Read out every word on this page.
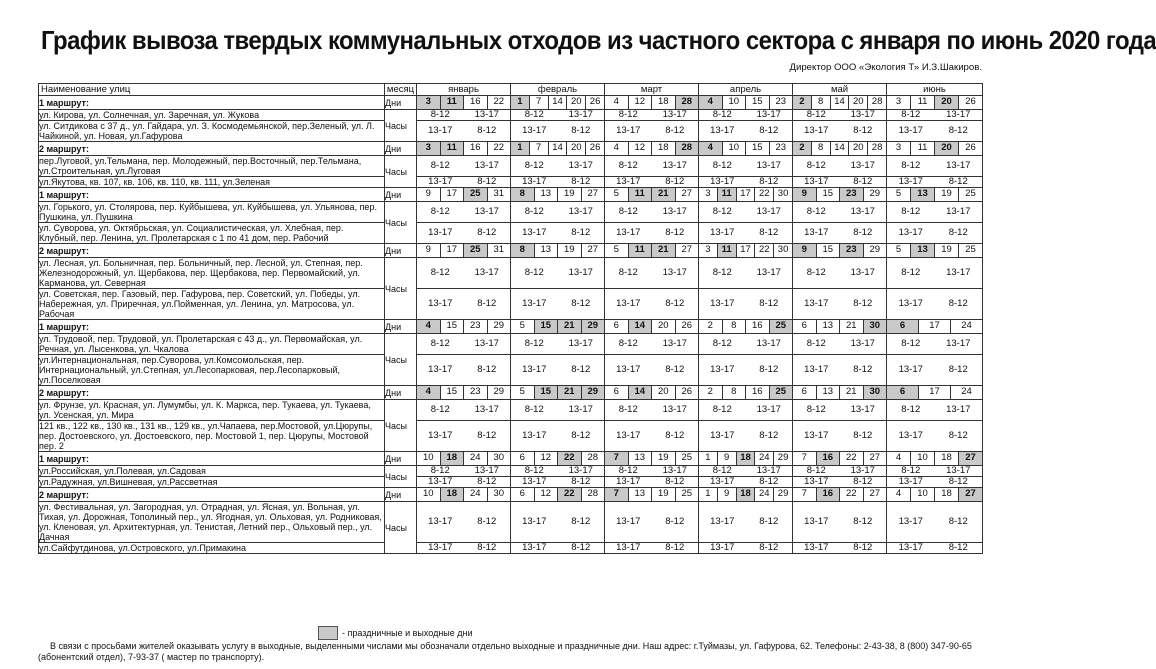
График вывоза твердых коммунальных отходов из частного сектора с января по июнь 2020 года
Директор ООО «Экология Т» И.З.Шакиров.
Наименование улиц	месяц	январь	февраль	март	апрель	май	июнь
1 маршрут:	Дни	3 11 16 22	1 7 14 20 26	4 12 18 28	4 10 15 23	2 8 14 20 28	3 11 20 26

ул. Кирова, ул. Солнечная, ул. Заречная, ул. Жукова	Часы	8-12 13-17	8-12 13-17	8-12 13-17	8-12 13-17	8-12 13-17	8-12 13-17

ул. Ситдикова с 37 д., ул. Гайдара, ул. З. Космодемьянской, пер.Зеленый, ул. Л. Чайкиной, ул. Новая, ул.Гафурова		13-17 8-12	13-17 8-12	13-17 8-12	13-17 8-12	13-17 8-12	13-17 8-12

2 маршрут:	Дни	3 11 16 22	1 7 14 20 26	4 12 18 28	4 10 15 23	2 8 14 20 28	3 11 20 26

пер.Луговой, ул.Тельмана, пер. Молодежный, пер.Восточный, пер.Тельмана, ул.Строительная, ул.Луговая	Часы	8-12 13-17	8-12 13-17	8-12 13-17	8-12 13-17	8-12 13-17	8-12 13-17

ул.Якутова, кв. 107, кв. 106, кв. 110, кв. 111, ул.Зеленая		13-17 8-12	13-17 8-12	13-17 8-12	13-17 8-12	13-17 8-12	13-17 8-12

1 маршрут:	Дни	9 17 25 31	8 13 19 27	5 11 21 27	3 11 17 22 30	9 15 23 29	5 13 19 25

ул. Горького, ул. Столярова, пер. Куйбышева, ул. Куйбышева, ул. Ульянова, пер. Пушкина, ул. Пушкина	Часы	8-12 13-17	8-12 13-17	8-12 13-17	8-12 13-17	8-12 13-17	8-12 13-17

ул. Суворова, ул. Октябрьская, ул. Социалистическая, ул. Хлебная, пер. Клубный, пер. Ленина, ул. Пролетарская с 1 по 41 дом, пер. Рабочий		13-17 8-12	13-17 8-12	13-17 8-12	13-17 8-12	13-17 8-12	13-17 8-12

2 маршрут:	Дни	9 17 25 31	8 13 19 27	5 11 21 27	3 11 17 22 30	9 15 23 29	5 13 19 25

ул. Лесная, ул. Больничная, пер. Больничный, пер. Лесной, ул. Степная, пер. Железнодорожный, ул. Щербакова, пер. Щербакова, пер. Первомайский, ул. Карманова, ул. Северная	Часы	8-12 13-17	8-12 13-17	8-12 13-17	8-12 13-17	8-12 13-17	8-12 13-17

ул. Советская, пер. Газовый, пер. Гафурова, пер. Советский, ул. Победы, ул. Набережная, ул. Приречная, ул.Пойменная, ул. Ленина, ул. Матросова, ул. Рабочая		13-17 8-12	13-17 8-12	13-17 8-12	13-17 8-12	13-17 8-12	13-17 8-12

1 маршрут:	Дни	4 15 23 29	5 15 21 29	6 14 20 26	2 8 16 25	6 13 21 30	6 17 24

ул. Трудовой, пер. Трудовой, ул. Пролетарская с 43 д., ул. Первомайская, ул. Речная, ул. Лысенкова, ул. Чкалова	Часы	8-12 13-17	8-12 13-17	8-12 13-17	8-12 13-17	8-12 13-17	8-12 13-17

ул.Интернациональная, пер.Суворова, ул.Комсомольская, пер. Интернациональный, ул.Степная, ул.Лесопарковая, пер.Лесопарковый, ул.Поселковая		13-17 8-12	13-17 8-12	13-17 8-12	13-17 8-12	13-17 8-12	13-17 8-12

2 маршрут:	Дни	4 15 23 29	5 15 21 29	6 14 20 26	2 8 16 25	6 13 21 30	6 17 24

ул. Фрунзе, ул. Красная, ул. Лумумбы, ул. К. Маркса, пер. Тукаева, ул. Тукаева, ул. Усенская, ул. Мира	Часы	8-12 13-17	8-12 13-17	8-12 13-17	8-12 13-17	8-12 13-17	8-12 13-17

121 кв., 122 кв., 130 кв., 131 кв., 129 кв., ул.Чапаева, пер.Мостовой, ул.Цюрупы, пер. Достоевского, ул. Достоевского, пер. Мостовой 1, пер. Цюрупы, Мостовой пер. 2		13-17 8-12	13-17 8-12	13-17 8-12	13-17 8-12	13-17 8-12	13-17 8-12

1 маршрут:	Дни	10 18 24 30	6 12 22 28	7 13 19 25	1 9 18 24 29	7 16 22 27	4 10 18 27

ул.Российская, ул.Полевая, ул.Садовая	Часы	8-12 13-17	8-12 13-17	8-12 13-17	8-12 13-17	8-12 13-17	8-12 13-17

ул.Радужная, ул.Вишневая, ул.Рассветная		13-17 8-12	13-17 8-12	13-17 8-12	13-17 8-12	13-17 8-12	13-17 8-12

2 маршрут:	Дни	10 18 24 30	6 12 22 28	7 13 19 25	1 9 18 24 29	7 16 22 27	4 10 18 27

ул. Фестивальная, ул. Загородная, ул. Отрадная, ул. Ясная, ул. Вольная, ул. Тихая, ул. Дорожная, Тополиный пер., ул. Ягодная, ул. Ольховая, ул. Родниковая, ул. Кленовая, ул. Архитектурная, ул. Тенистая, Летний пер., Ольховый пер., ул. Дачная	Часы	13-17 8-12	13-17 8-12	13-17 8-12	13-17 8-12	13-17 8-12	13-17 8-12

ул.Сайфутдинова, ул.Островского, ул.Примакина		13-17 8-12	13-17 8-12	13-17 8-12	13-17 8-12	13-17 8-12	13-17 8-12
- праздничные и выходные дни

В связи с просьбами жителей оказывать услугу в выходные, выделенными числами мы обозначали отдельно выходные и праздничные дни. Наш адрес: г.Туймазы, ул. Гафурова, 62. Телефоны: 2-43-38, 8 (800) 347-90-65

(абонентский отдел), 7-93-37 ( мастер по транспорту).
